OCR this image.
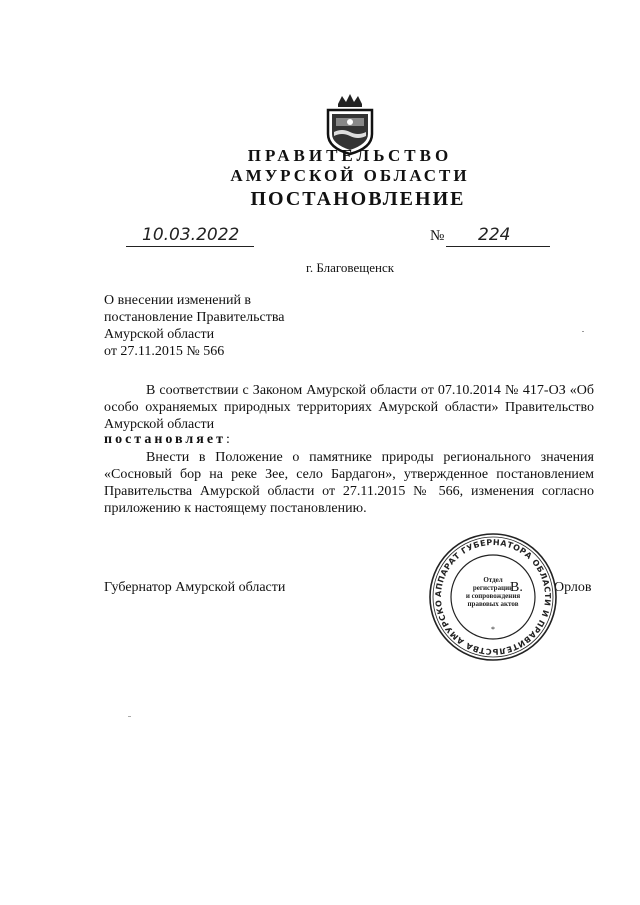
ПРАВИТЕЛЬСТВО
АМУРСКОЙ ОБЛАСТИ
ПОСТАНОВЛЕНИЕ
10.03.2022	№ 224
г. Благовещенск
О внесении изменений в
постановление Правительства
Амурской области
от 27.11.2015 № 566

В соответствии с Законом Амурской области от 07.10.2014 № 417-ОЗ «Об особо охраняемых природных территориях Амурской области» Правительство Амурской области

постановляет:

Внести в Положение о памятнике природы регионального значения «Сосновый бор на реке Зее, село Бардагон», утвержденное постановлением Правительства Амурской области от 27.11.2015 № 566, изменения согласно приложению к настоящему постановлению.

Губернатор Амурской области	В. Орлов
АППАРАТ ГУБЕРНАТОРА ОБЛАСТИ И ПРАВИТЕЛЬСТВА АМУРСКО
*
Отдел
регистрации
и сопровождения
правовых актов
